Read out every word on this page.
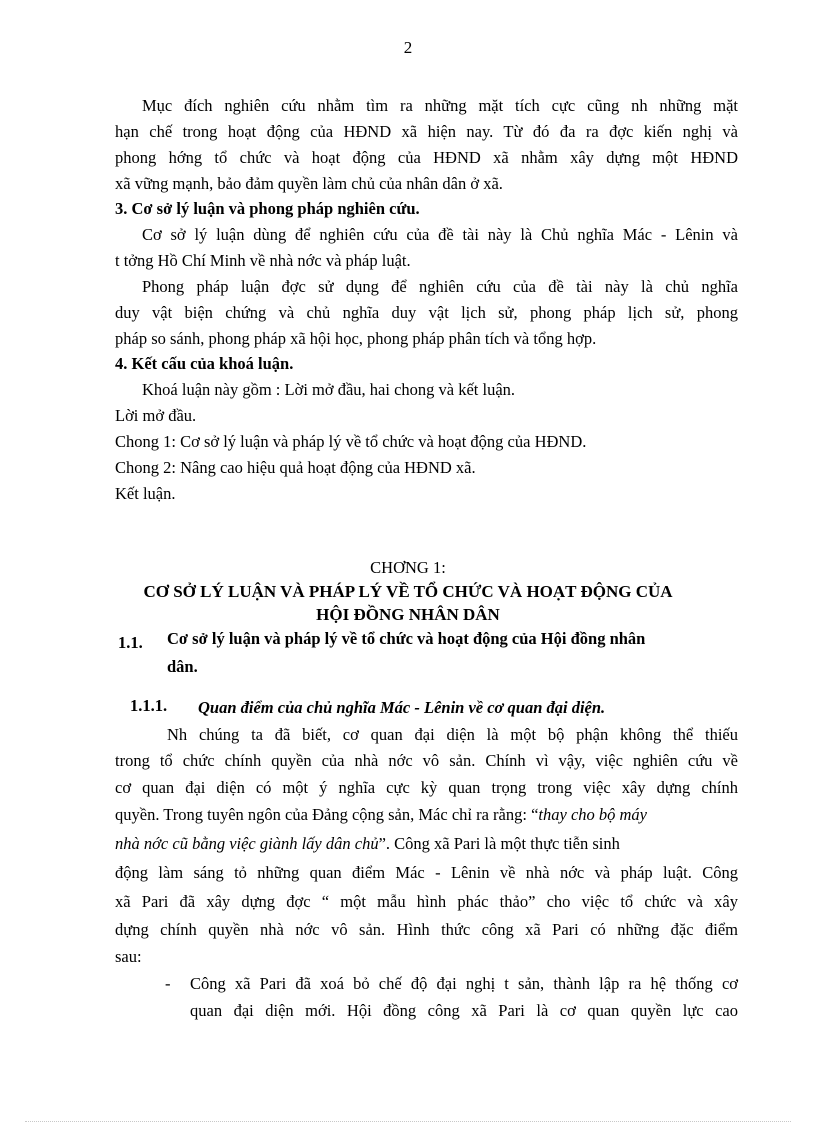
2
Mục đích nghiên cứu nhằm tìm ra những mặt tích cực cũng nh những mặt
hạn chế trong hoạt động của HĐND xã hiện nay. Từ đó đa ra đợc kiến nghị và
phong hớng tổ chức và hoạt động của HĐND xã nhằm xây dựng một HĐND
xã vững mạnh, bảo đảm quyền làm chủ của nhân dân ở xã.
3. Cơ sở lý luận và phong pháp nghiên cứu.
Cơ sở lý luận dùng để nghiên cứu của đề tài này là Chủ nghĩa Mác - Lênin và
t tởng Hồ Chí Minh về nhà nớc và pháp luật.
Phong pháp luận đợc sử dụng để nghiên cứu của đề tài này là chủ nghĩa
duy vật biện chứng và chủ nghĩa duy vật lịch sử, phong pháp lịch sử, phong
pháp so sánh, phong pháp xã hội học, phong pháp phân tích và tổng hợp.
4. Kết cấu của khoá luận.
Khoá luận này gồm : Lời mở đầu, hai chong và kết luận.
Lời mở đầu.
Chong 1: Cơ sở lý luận và pháp lý về tổ chức và hoạt động của HĐND.
Chong 2: Nâng cao hiệu quả hoạt động của HĐND xã.
Kết luận.
CHƠNG 1:
CƠ SỞ LÝ LUẬN VÀ PHÁP LÝ VỀ TỔ CHỨC VÀ HOẠT ĐỘNG CỦA
HỘI ĐỒNG NHÂN DÂN
1.1. Cơ sở lý luận và pháp lý về tổ chức và hoạt động của Hội đồng nhân
dân.
1.1.1. Quan điểm của chủ nghĩa Mác - Lênin về cơ quan đại diện.
Nh chúng ta đã biết, cơ quan đại diện là một bộ phận không thể thiếu
trong tổ chức chính quyền của nhà nớc vô sản. Chính vì vậy, việc nghiên cứu về
cơ quan đại diện có một ý nghĩa cực kỳ quan trọng trong việc xây dựng chính
quyền. Trong tuyên ngôn của Đảng cộng sản, Mác chỉ ra rằng: “thay cho bộ máy
nhà nớc cũ bằng việc giành lấy dân chủ”. Công xã Pari là một thực tiễn sinh
động làm sáng tỏ những quan điểm Mác - Lênin về nhà nớc và pháp luật. Công
xã Pari đã xây dựng đợc “ một mẫu hình phác thảo” cho việc tổ chức và xây
dựng chính quyền nhà nớc vô sản. Hình thức công xã Pari có những đặc điểm
sau:
- Công xã Pari đã xoá bỏ chế độ đại nghị t sản, thành lập ra hệ thống cơ
quan đại diện mới. Hội đồng công xã Pari là cơ quan quyền lực cao
